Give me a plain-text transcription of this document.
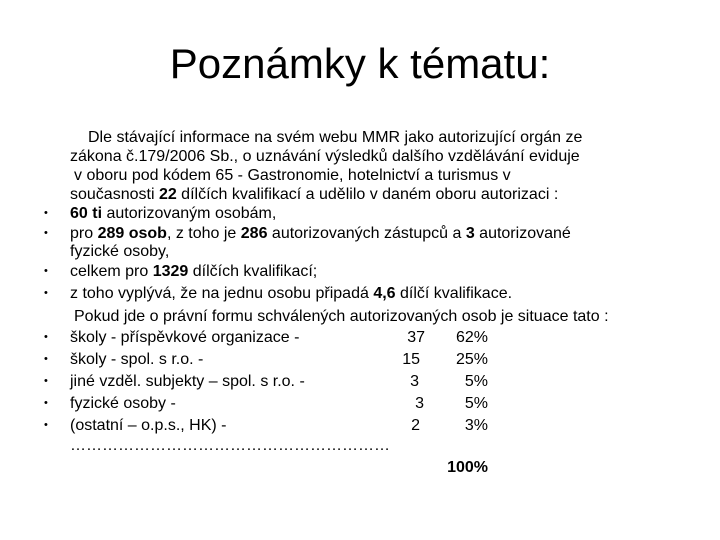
Poznámky k tématu:
Dle stávající informace na svém webu MMR jako autorizující orgán ze
zákona č.179/2006 Sb., o uznávání výsledků dalšího vzdělávání eviduje
v oboru pod kódem 65 - Gastronomie, hotelnictví a turismus v
současnosti 22 dílčích kvalifikací a udělilo v daném oboru autorizaci :
• 60 ti autorizovaným osobám,
• pro 289 osob, z toho je 286 autorizovaných zástupců a 3 autorizované
fyzické osoby,
• celkem pro 1329 dílčích kvalifikací;
• z toho vyplývá, že na jednu osobu připadá 4,6 dílčí kvalifikace.
Pokud jde o právní formu schválených autorizovaných osob je situace tato :
• školy - příspěvkové organizace -	37	62%
• školy - spol. s r.o. -	15	25%
• jiné vzděl. subjekty – spol. s r.o. -	3	5%
• fyzické osoby -	3	5%
• (ostatní – o.p.s., HK) -	2	3%
……………………………………………………
100%
